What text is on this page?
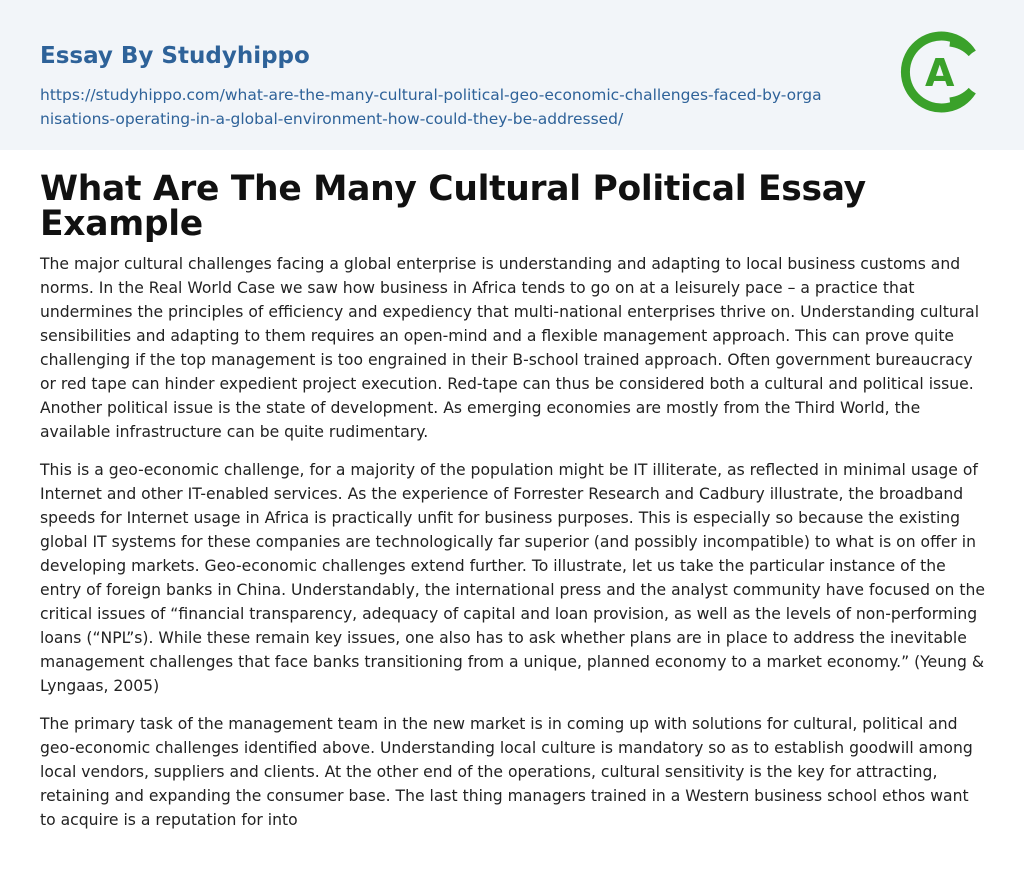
Essay By Studyhippo
https://studyhippo.com/what-are-the-many-cultural-political-geo-economic-challenges-faced-by-organisations-operating-in-a-global-environment-how-could-they-be-addressed/
A
What Are The Many Cultural Political Essay Example

The major cultural challenges facing a global enterprise is understanding and adapting to local business customs and norms. In the Real World Case we saw how business in Africa tends to go on at a leisurely pace – a practice that undermines the principles of efficiency and expediency that multi-national enterprises thrive on. Understanding cultural sensibilities and adapting to them requires an open-mind and a flexible management approach. This can prove quite challenging if the top management is too engrained in their B-school trained approach. Often government bureaucracy or red tape can hinder expedient project execution. Red-tape can thus be considered both a cultural and political issue. Another political issue is the state of development. As emerging economies are mostly from the Third World, the available infrastructure can be quite rudimentary.

This is a geo-economic challenge, for a majority of the population might be IT illiterate, as reflected in minimal usage of Internet and other IT-enabled services. As the experience of Forrester Research and Cadbury illustrate, the broadband speeds for Internet usage in Africa is practically unfit for business purposes. This is especially so because the existing global IT systems for these companies are technologically far superior (and possibly incompatible) to what is on offer in developing markets. Geo-economic challenges extend further. To illustrate, let us take the particular instance of the entry of foreign banks in China. Understandably, the international press and the analyst community have focused on the critical issues of “financial transparency, adequacy of capital and loan provision, as well as the levels of non-performing loans (“NPL”s). While these remain key issues, one also has to ask whether plans are in place to address the inevitable management challenges that face banks transitioning from a unique, planned economy to a market economy.” (Yeung & Lyngaas, 2005)

The primary task of the management team in the new market is in coming up with solutions for cultural, political and geo-economic challenges identified above. Understanding local culture is mandatory so as to establish goodwill among local vendors, suppliers and clients. At the other end of the operations, cultural sensitivity is the key for attracting, retaining and expanding the consumer base. The last thing managers trained in a Western business school ethos want to acquire is a reputation for into
